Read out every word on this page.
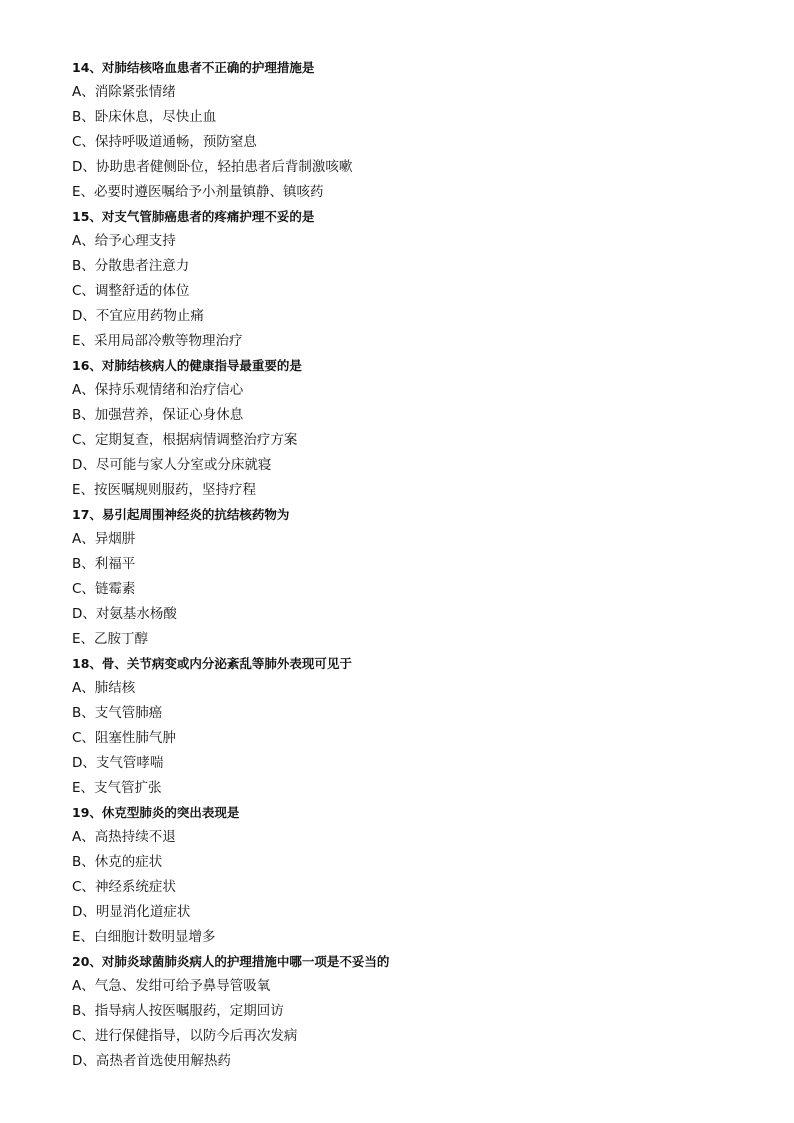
14、对肺结核咯血患者不正确的护理措施是
A、消除紧张情绪
B、卧床休息，尽快止血
C、保持呼吸道通畅，预防窒息
D、协助患者健侧卧位，轻拍患者后背制激咳嗽
E、必要时遵医嘱给予小剂量镇静、镇咳药
15、对支气管肺癌患者的疼痛护理不妥的是
A、给予心理支持
B、分散患者注意力
C、调整舒适的体位
D、不宜应用药物止痛
E、采用局部冷敷等物理治疗
16、对肺结核病人的健康指导最重要的是
A、保持乐观情绪和治疗信心
B、加强营养，保证心身休息
C、定期复查，根据病情调整治疗方案
D、尽可能与家人分室或分床就寝
E、按医嘱规则服药，坚持疗程
17、易引起周围神经炎的抗结核药物为
A、异烟肼
B、利福平
C、链霉素
D、对氨基水杨酸
E、乙胺丁醇
18、骨、关节病变或内分泌紊乱等肺外表现可见于
A、肺结核
B、支气管肺癌
C、阻塞性肺气肿
D、支气管哮喘
E、支气管扩张
19、休克型肺炎的突出表现是
A、高热持续不退
B、休克的症状
C、神经系统症状
D、明显消化道症状
E、白细胞计数明显增多
20、对肺炎球菌肺炎病人的护理措施中哪一项是不妥当的
A、气急、发绀可给予鼻导管吸氧
B、指导病人按医嘱服药，定期回访
C、进行保健指导，以防今后再次发病
D、高热者首选使用解热药
